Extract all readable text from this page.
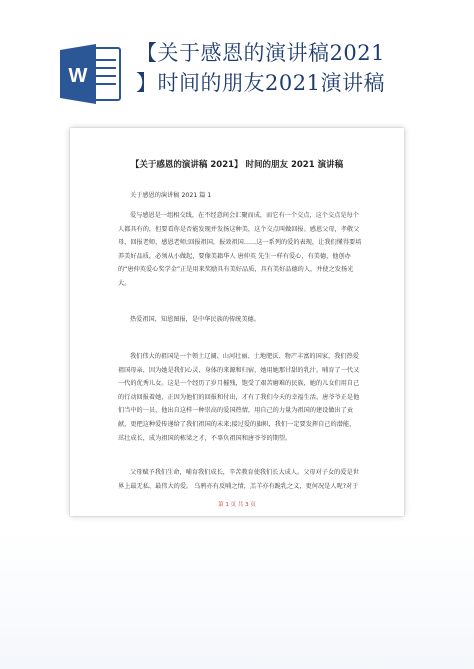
W
【关于感恩的演讲稿2021
】时间的朋友2021演讲稿
【关于感恩的演讲稿 2021】 时间的朋友 2021 演讲稿
关于感恩的演讲稿 2021 篇 1
爱与感恩是一组相交线，在不经意间会汇聚而成，而它有一个交点，这个交点是每个
人都具有的，但要看你是否能发现并发扬这种美，这个交点叫做回报。感恩父母，孝敬父
母，回报老师，感恩老师;回报祖国，报效祖国……这一系列的爱的表现，让我们懂得要培
养美好品质，必须从小做起，要像美籍华人 唐仲英 先生一样有爱心，有美德，他创办
的“唐仲英爱心奖学金”正是用来奖励具有美好品质，具有美好品德的人，并使之发扬光
大。
热爱祖国，知恩图报，是中华民族的传统美德。
我们伟大的祖国是一个领土辽阔、山河壮丽、土地肥沃、物产丰富的国家，我们热爱
祖国母亲，因为她是我们心灵、身体的来源和归宿，她用她那甘甜的乳汁，哺育了一代又
一代的优秀儿女。这是一个经历了岁月摧残，饱受了艰苦磨难的民族，她的儿女们用自己
的行动回报着她，正因为他们的回报和付出，才有了我们今天的幸福生活。唐爷爷正是他
们当中的一员，他出自这样一种崇高的爱国热情，用自己的力量为祖国的建设做出了贡
献，更把这种爱传递给了我们祖国的未来;接过爱的旗帜，我们一定要发挥自己的潜能、
茁壮成长，成为祖国的栋梁之才，不辜负祖国和唐爷爷的期望。
父母赋予我们生命，哺育我们成长，辛苦教育使我们长大成人。父母对子女的爱是世
界上最无私、最伟大的爱。 乌鸦亦有反哺之情，羔羊亦有跪乳之义，更何况是人呢?对于
第 1 页 共 3 页
